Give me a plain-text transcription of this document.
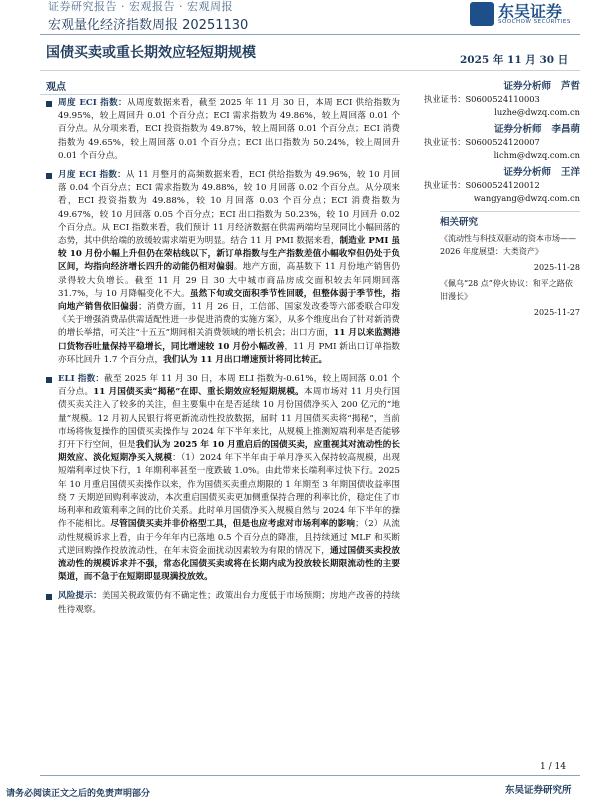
证券研究报告 · 宏观报告 · 宏观周报
宏观量化经济指数周报 20251130
东吴证券
SOOCHOW SECURITIES
国债买卖或重长期效应轻短期规模	2025 年 11 月 30 日
观点
周度 ECI 指数：从周度数据来看，截至 2025 年 11 月 30 日，本周 ECI 供给指数为 49.95%，较上周回升 0.01 个百分点；ECI 需求指数为 49.86%，较上周回落 0.01 个百分点。从分项来看，ECI 投资指数为 49.87%，较上周回落 0.01 个百分点；ECI 消费指数为 49.65%，较上周回落 0.01 个百分点；ECI 出口指数为 50.24%，较上周回升 0.01 个百分点。
月度 ECI 指数：从 11 月整月的高频数据来看，ECI 供给指数为 49.96%，较 10 月回落 0.04 个百分点；ECI 需求指数为 49.88%，较 10 月回落 0.02 个百分点。从分项来看，ECI 投资指数为 49.88%，较 10 月回落 0.03 个百分点；ECI 消费指数为 49.67%，较 10 月回落 0.05 个百分点；ECI 出口指数为 50.23%，较 10 月回升 0.02 个百分点。从 ECI 指数来看，我们预计 11 月经济数据在供需两端均呈现同比小幅回落的态势，其中供给端的放缓较需求端更为明显。结合 11 月 PMI 数据来看，制造业 PMI 虽较 10 月份小幅上升但仍在荣枯线以下，新订单指数与生产指数差值小幅收窄但仍处于负区间，均指向经济增长四升的动能仍相对偏弱。地产方面，高基数下 11 月份地产销售仍录得较大负增长。截至 11 月 29 日 30 大中城市商品房成交面积较去年同期回落 31.7%，与 10 月降幅变化不大。虽然下旬或交面积季节性回暖，但整体弱于季节性，指向地产销售依旧偏弱；消费方面，11 月 26 日，工信部、国家发改委等六部委联合印发《关于增强消费品供需适配性进一步促进消费的实施方案》，从多个维度出台了针对新消费的增长举措，可关注“十五五”期间相关消费领域的增长机会；出口方面，11 月以来监测港口货物吞吐量保持平稳增长，同比增速较 10 月份小幅改善，11 月 PMI 新出口订单指数亦环比回升 1.7 个百分点，我们认为 11 月出口增速预计将同比转正。
ELI 指数：截至 2025 年 11 月 30 日，本周 ELI 指数为-0.61%，较上周回落 0.01 个百分点。11 月国债买卖“揭秘”在即、重长期效应轻短期规模。本周市场对 11 月央行国债买卖关注入了较多的关注，但主要集中在是否延续 10 月份国债净买入 200 亿元的“地量”规模。12 月初人民银行将更新流动性投放数据，届时 11 月国债买卖将“揭秘”，当前市场将恢复操作的国债买卖操作与 2024 年下半年来比，从规模上推测短端利率是否能够打开下行空间，但是我们认为 2025 年 10 月重启后的国债买卖，应重视其对流动性的长期效应、淡化短期净买入规模：（1）2024 年下半年由于单月净买入保持较高规模，出现短端利率过快下行，1 年期利率甚至一度跌破 1.0%。由此带来长端利率过快下行。2025 年 10 月重启国债买卖操作以来，作为国债买卖重点期限的 1 年期至 3 年期国债收益率围绕 7 天期逆回购利率波动，本次重启国债买卖更加侧重保持合理的利率比价，稳定住了市场利率和政策利率之间的比价关系。此时单月国债净买入规模自然与 2024 年下半年的操作不能相比。尽管国债买卖并非价格型工具，但是也应考虑对市场利率的影响；（2）从流动性规模诉求上看，由于今年年内已落地 0.5 个百分点的降准，且持续通过 MLF 和买断式逆回购操作投放流动性，在年末资金面扰动因素较为有限的情况下，通过国债买卖投放流动性的规模诉求并不强，常态化国债买卖或将在长期内成为投放较长期限流动性的主要渠道，而不急于在短期即显现满投放效。
风险提示：美国关税政策仍有不确定性；政策出台力度低于市场预期；房地产改善的持续性待观察。
证券分析师 芦哲
执业证书：S0600524110003
luzhe@dwzq.com.cn
证券分析师 李昌萌
执业证书：S0600524120007
lichm@dwzq.com.cn
证券分析师 王洋
执业证书：S0600524120012
wangyang@dwzq.com.cn
相关研究
《流动性与科技双驱动的资本市场——2026 年度展望：大类资产》
2025-11-28
《佩乌“28 点”停火协议：和平之路依旧漫长》
2025-11-27
1 / 14
东吴证券研究所
请务必阅读正文之后的免责声明部分
